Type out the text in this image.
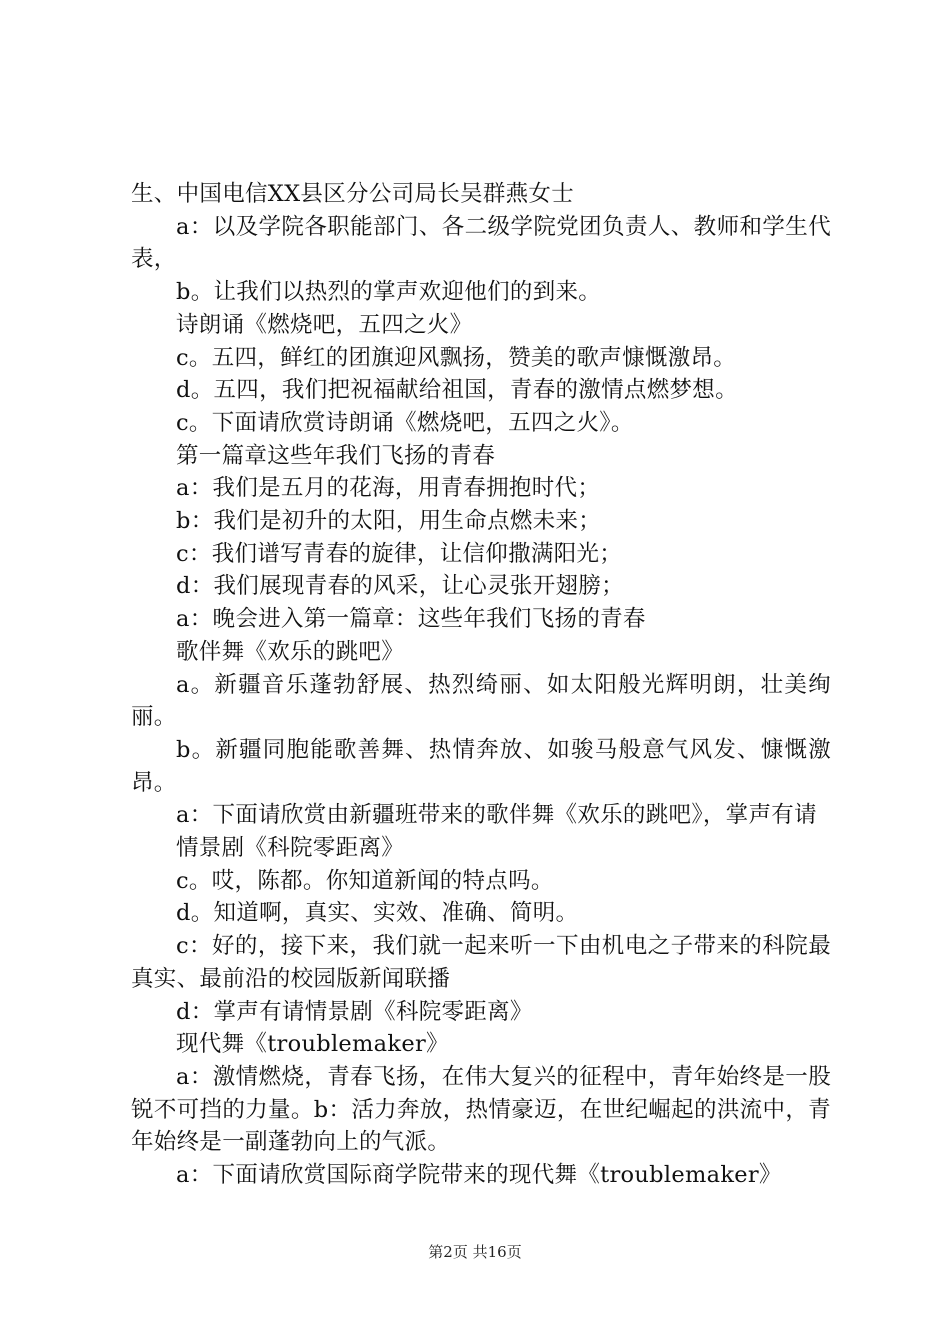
生、中国电信XX县区分公司局长吴群燕女士

a：以及学院各职能部门、各二级学院党团负责人、教师和学生代表，

b。让我们以热烈的掌声欢迎他们的到来。

诗朗诵《燃烧吧，五四之火》

c。五四，鲜红的团旗迎风飘扬，赞美的歌声慷慨激昂。

d。五四，我们把祝福献给祖国，青春的激情点燃梦想。

c。下面请欣赏诗朗诵《燃烧吧，五四之火》。

第一篇章这些年我们飞扬的青春

a：我们是五月的花海，用青春拥抱时代；

b：我们是初升的太阳，用生命点燃未来；

c：我们谱写青春的旋律，让信仰撒满阳光；

d：我们展现青春的风采，让心灵张开翅膀；

a：晚会进入第一篇章：这些年我们飞扬的青春

歌伴舞《欢乐的跳吧》

a。新疆音乐蓬勃舒展、热烈绮丽、如太阳般光辉明朗，壮美绚丽。

b。新疆同胞能歌善舞、热情奔放、如骏马般意气风发、慷慨激昂。

a：下面请欣赏由新疆班带来的歌伴舞《欢乐的跳吧》，掌声有请

情景剧《科院零距离》

c。哎，陈都。你知道新闻的特点吗。

d。知道啊，真实、实效、准确、简明。

c：好的，接下来，我们就一起来听一下由机电之子带来的科院最真实、最前沿的校园版新闻联播

d：掌声有请情景剧《科院零距离》

现代舞《troublemaker》

a：激情燃烧，青春飞扬，在伟大复兴的征程中，青年始终是一股锐不可挡的力量。b：活力奔放，热情豪迈，在世纪崛起的洪流中，青年始终是一副蓬勃向上的气派。

a：下面请欣赏国际商学院带来的现代舞《troublemaker》

第2页 共16页
